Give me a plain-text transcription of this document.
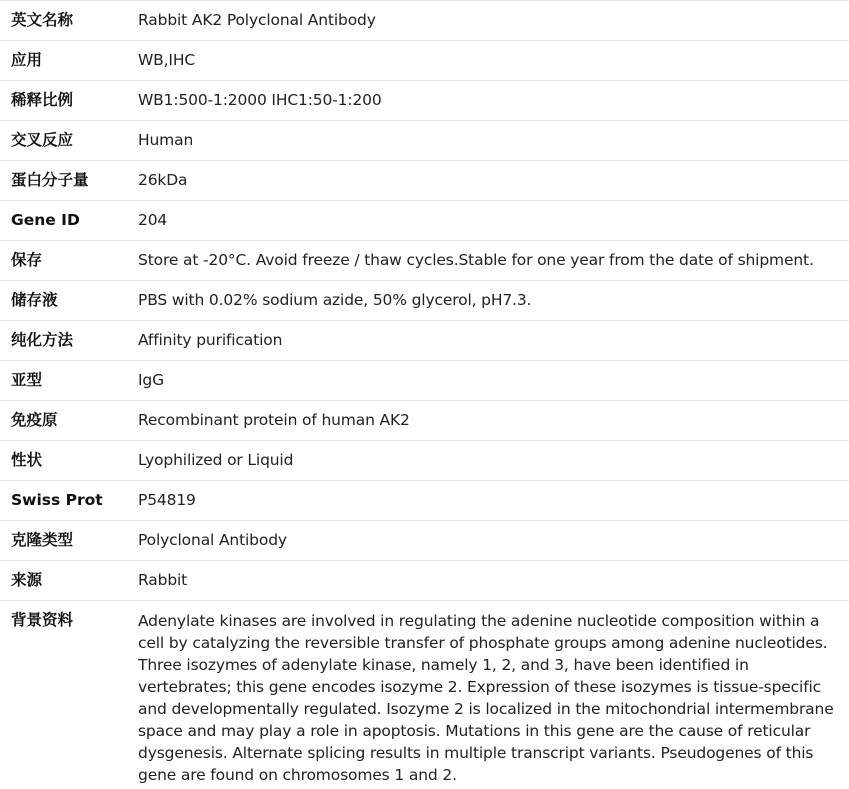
英文名称	Rabbit AK2 Polyclonal Antibody
应用	WB,IHC
稀释比例	WB1:500-1:2000 IHC1:50-1:200
交叉反应	Human
蛋白分子量	26kDa
Gene ID	204
保存	Store at -20°C. Avoid freeze / thaw cycles.Stable for one year from the date of shipment.
储存液	PBS with 0.02% sodium azide, 50% glycerol, pH7.3.
纯化方法	Affinity purification
亚型	IgG
免疫原	Recombinant protein of human AK2
性状	Lyophilized or Liquid
Swiss Prot	P54819
克隆类型	Polyclonal Antibody
来源	Rabbit
背景资料	Adenylate kinases are involved in regulating the adenine nucleotide composition within a cell by catalyzing the reversible transfer of phosphate groups among adenine nucleotides. Three isozymes of adenylate kinase, namely 1, 2, and 3, have been identified in vertebrates; this gene encodes isozyme 2. Expression of these isozymes is tissue-specific and developmentally regulated. Isozyme 2 is localized in the mitochondrial intermembrane space and may play a role in apoptosis. Mutations in this gene are the cause of reticular dysgenesis. Alternate splicing results in multiple transcript variants. Pseudogenes of this gene are found on chromosomes 1 and 2.
